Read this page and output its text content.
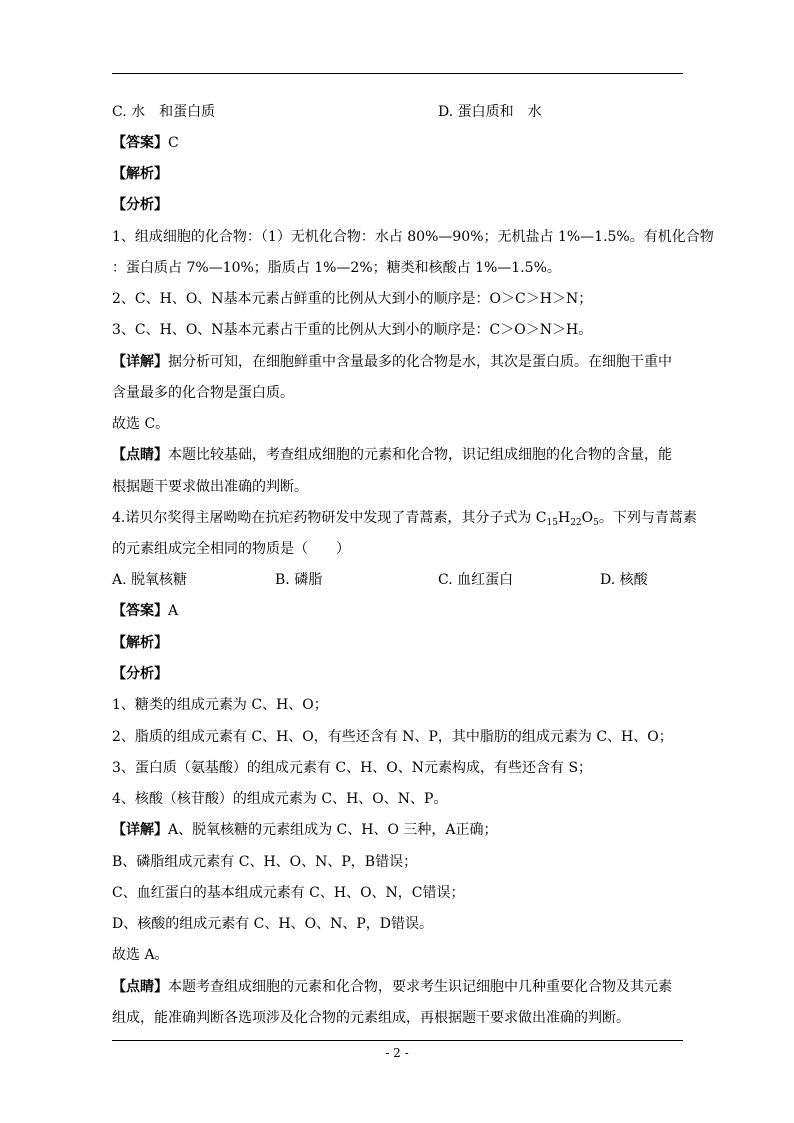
C. 水　和蛋白质	D. 蛋白质和　水
【答案】C
【解析】
【分析】
1、组成细胞的化合物：（1）无机化合物：水占 80%—90%；无机盐占 1%—1.5%。有机化合物
：蛋白质占 7%—10%；脂质占 1%—2%；糖类和核酸占 1%—1.5%。
2、C、H、O、N基本元素占鲜重的比例从大到小的顺序是：O＞C＞H＞N；
3、C、H、O、N基本元素占干重的比例从大到小的顺序是：C＞O＞N＞H。
【详解】据分析可知，在细胞鲜重中含量最多的化合物是水，其次是蛋白质。在细胞干重中
含量最多的化合物是蛋白质。
故选 C。
【点睛】本题比较基础，考查组成细胞的元素和化合物，识记组成细胞的化合物的含量，能
根据题干要求做出准确的判断。
4.诺贝尔奖得主屠呦呦在抗疟药物研发中发现了青蒿素，其分子式为 $C_{15}H_{22}O_5$。下列与青蒿素
的元素组成完全相同的物质是（　　）
A. 脱氧核糖	B. 磷脂	C. 血红蛋白	D. 核酸
【答案】A
【解析】
【分析】
1、糖类的组成元素为 C、H、O；
2、脂质的组成元素有 C、H、O，有些还含有 N、P，其中脂肪的组成元素为 C、H、O；
3、蛋白质（氨基酸）的组成元素有 C、H、O、N元素构成，有些还含有 S；
4、核酸（核苷酸）的组成元素为 C、H、O、N、P。
【详解】A、脱氧核糖的元素组成为 C、H、O 三种，A正确；
B、磷脂组成元素有 C、H、O、N、P，B错误；
C、血红蛋白的基本组成元素有 C、H、O、N，C错误；
D、核酸的组成元素有 C、H、O、N、P，D错误。
故选 A。
【点睛】本题考查组成细胞的元素和化合物，要求考生识记细胞中几种重要化合物及其元素
组成，能准确判断各选项涉及化合物的元素组成，再根据题干要求做出准确的判断。
- 2 -
